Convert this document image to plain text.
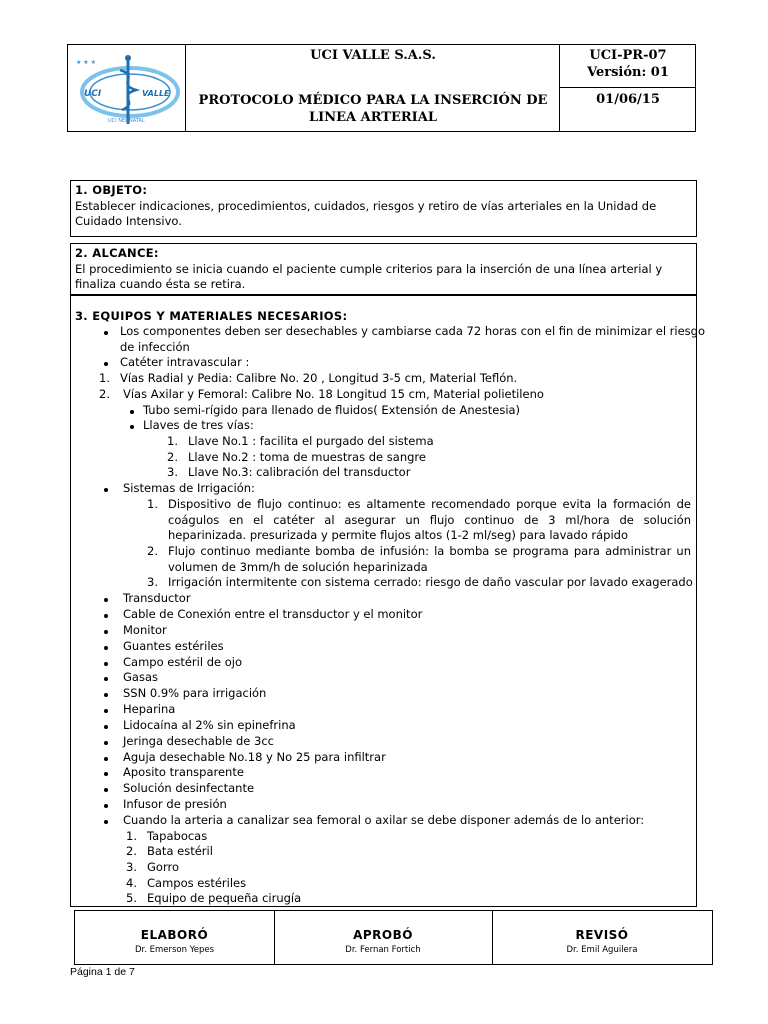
★ ★ ★
UCI	VALLE
UCI NEONATAL
UCI VALLE S.A.S.
PROTOCOLO MÉDICO PARA LA INSERCIÓN DE LINEA ARTERIAL
UCI-PR-07
Versión: 01
01/06/15
1. OBJETO:
Establecer indicaciones, procedimientos, cuidados, riesgos y retiro de vías arteriales en la Unidad de Cuidado Intensivo.
2. ALCANCE:
El procedimiento se inicia cuando el paciente cumple criterios para la inserción de una línea arterial y finaliza cuando ésta se retira.
3. EQUIPOS Y MATERIALES NECESARIOS:
Los componentes deben ser desechables y cambiarse cada 72 horas con el fin de minimizar el riesgo
de infección
Catéter intravascular :
1. Vías Radial y Pedia: Calibre No. 20 , Longitud 3-5 cm, Material Teflón.
2. Vías Axilar y Femoral: Calibre No. 18 Longitud 15 cm, Material polietileno
Tubo semi-rígido para llenado de fluidos( Extensión de Anestesia)
Llaves de tres vías:
1. Llave No.1 : facilita el purgado del sistema
2. Llave No.2 : toma de muestras de sangre
3. Llave No.3: calibración del transductor
Sistemas de Irrigación:
1. Dispositivo de flujo continuo: es altamente recomendado porque evita la formación de coágulos en el catéter al asegurar un flujo continuo de 3 ml/hora de solución heparinizada. presurizada y permite flujos altos (1-2 ml/seg) para lavado rápido
2. Flujo continuo mediante bomba de infusión: la bomba se programa para administrar un volumen de 3mm/h de solución heparinizada
3. Irrigación intermitente con sistema cerrado: riesgo de daño vascular por lavado exagerado
Transductor
Cable de Conexión entre el transductor y el monitor
Monitor
Guantes estériles
Campo estéril de ojo
Gasas
SSN 0.9% para irrigación
Heparina
Lidocaína al 2% sin epinefrina
Jeringa desechable de 3cc
Aguja desechable No.18 y No 25 para infiltrar
Aposito transparente
Solución desinfectante
Infusor de presión
Cuando la arteria a canalizar sea femoral o axilar se debe disponer además de lo anterior:
1. Tapabocas
2. Bata estéril
3. Gorro
4. Campos estériles
5. Equipo de pequeña cirugía
ELABORÓ
Dr. Emerson Yepes
APROBÓ
Dr. Fernan Fortich
REVISÓ
Dr. Emil Aguilera
Página 1 de 7
